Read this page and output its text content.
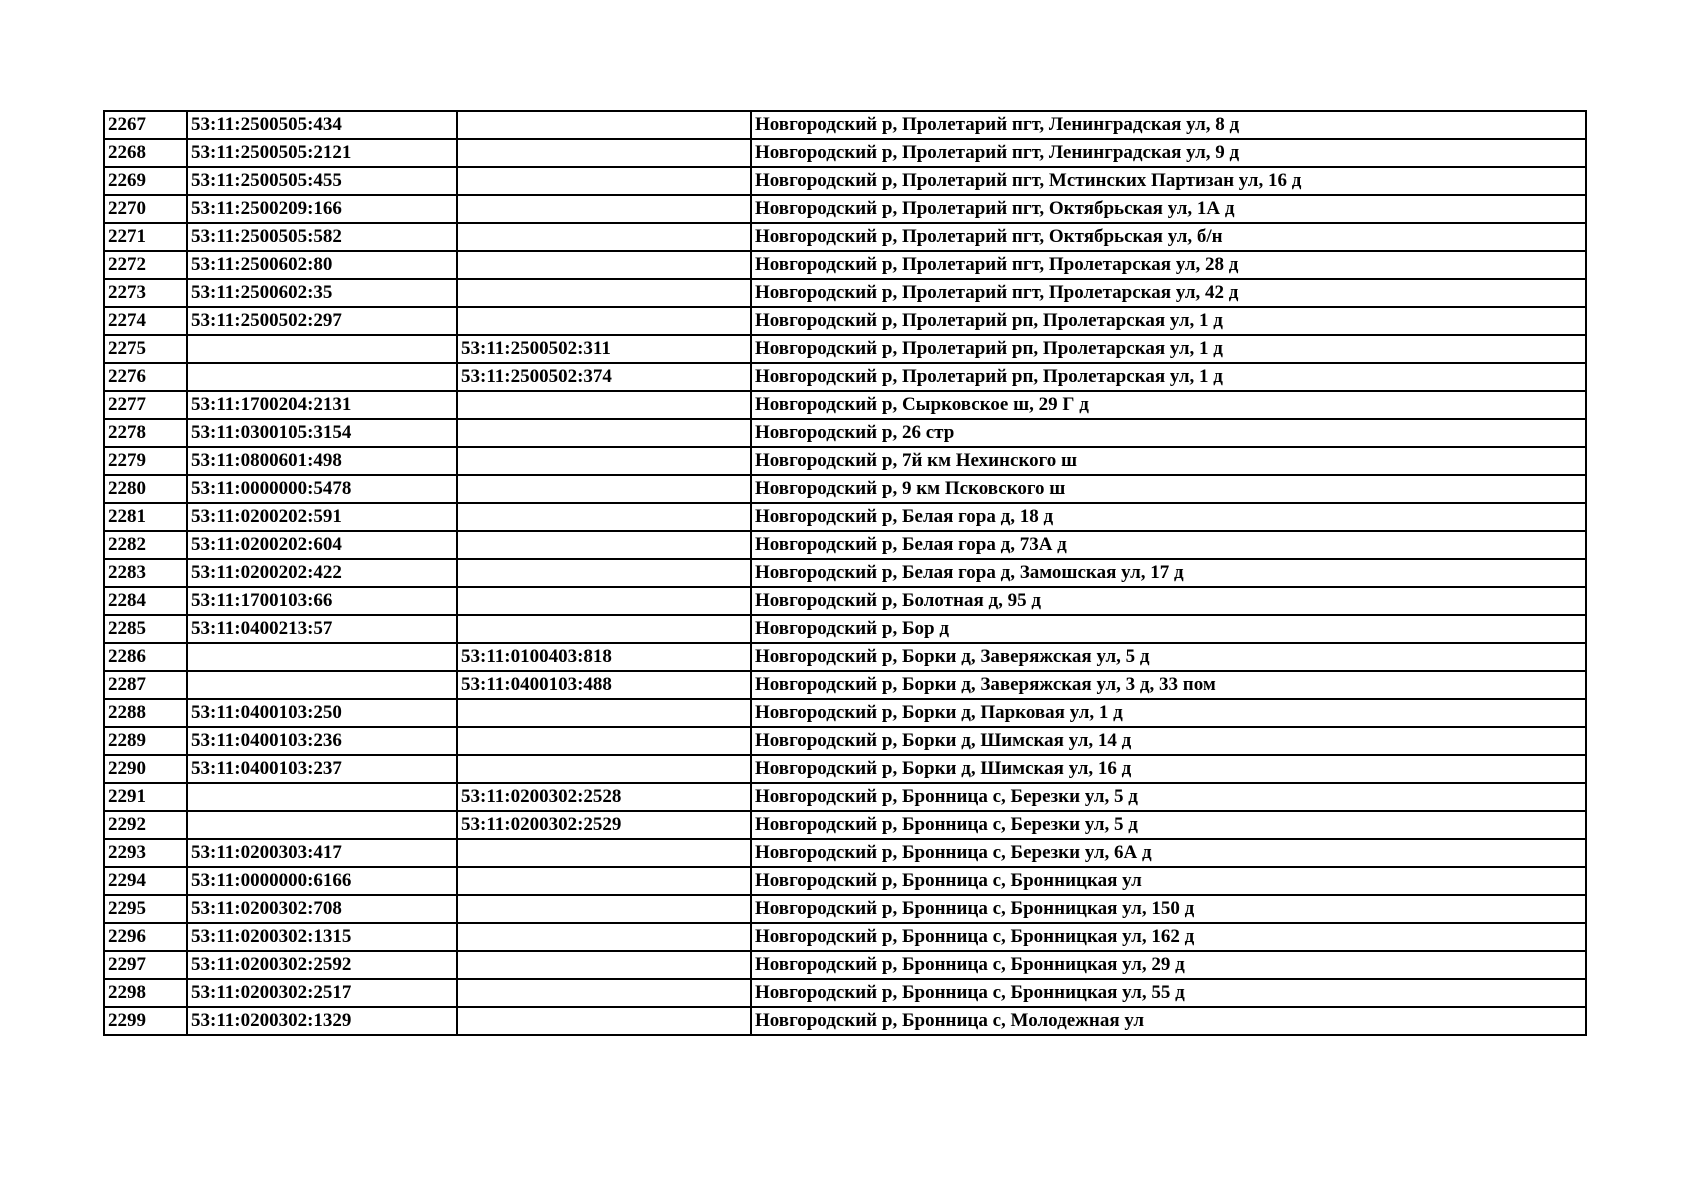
2267	53:11:2500505:434		Новгородский р, Пролетарий пгт, Ленинградская ул, 8 д
2268	53:11:2500505:2121		Новгородский р, Пролетарий пгт, Ленинградская ул, 9 д
2269	53:11:2500505:455		Новгородский р, Пролетарий пгт, Мстинских Партизан ул, 16 д
2270	53:11:2500209:166		Новгородский р, Пролетарий пгт, Октябрьская ул, 1А д
2271	53:11:2500505:582		Новгородский р, Пролетарий пгт, Октябрьская ул, б/н
2272	53:11:2500602:80		Новгородский р, Пролетарий пгт, Пролетарская ул, 28 д
2273	53:11:2500602:35		Новгородский р, Пролетарий пгт, Пролетарская ул, 42 д
2274	53:11:2500502:297		Новгородский р, Пролетарий рп, Пролетарская ул, 1 д
2275		53:11:2500502:311	Новгородский р, Пролетарий рп, Пролетарская ул, 1 д
2276		53:11:2500502:374	Новгородский р, Пролетарий рп, Пролетарская ул, 1 д
2277	53:11:1700204:2131		Новгородский р, Сырковское ш, 29 Г д
2278	53:11:0300105:3154		Новгородский р, 26 стр
2279	53:11:0800601:498		Новгородский р, 7й км Нехинского ш
2280	53:11:0000000:5478		Новгородский р, 9 км Псковского ш
2281	53:11:0200202:591		Новгородский р, Белая гора д, 18 д
2282	53:11:0200202:604		Новгородский р, Белая гора д, 73А д
2283	53:11:0200202:422		Новгородский р, Белая гора д, Замошская ул, 17 д
2284	53:11:1700103:66		Новгородский р, Болотная д, 95 д
2285	53:11:0400213:57		Новгородский р, Бор д
2286		53:11:0100403:818	Новгородский р, Борки д, Заверяжская ул, 5 д
2287		53:11:0400103:488	Новгородский р, Борки д, Заверяжская ул, 3 д, 33 пом
2288	53:11:0400103:250		Новгородский р, Борки д, Парковая ул, 1 д
2289	53:11:0400103:236		Новгородский р, Борки д, Шимская ул, 14 д
2290	53:11:0400103:237		Новгородский р, Борки д, Шимская ул, 16 д
2291		53:11:0200302:2528	Новгородский р, Бронница с, Березки ул, 5 д
2292		53:11:0200302:2529	Новгородский р, Бронница с, Березки ул, 5 д
2293	53:11:0200303:417		Новгородский р, Бронница с, Березки ул, 6А д
2294	53:11:0000000:6166		Новгородский р, Бронница с, Бронницкая ул
2295	53:11:0200302:708		Новгородский р, Бронница с, Бронницкая ул, 150 д
2296	53:11:0200302:1315		Новгородский р, Бронница с, Бронницкая ул, 162 д
2297	53:11:0200302:2592		Новгородский р, Бронница с, Бронницкая ул, 29 д
2298	53:11:0200302:2517		Новгородский р, Бронница с, Бронницкая ул, 55 д
2299	53:11:0200302:1329		Новгородский р, Бронница с, Молодежная ул
